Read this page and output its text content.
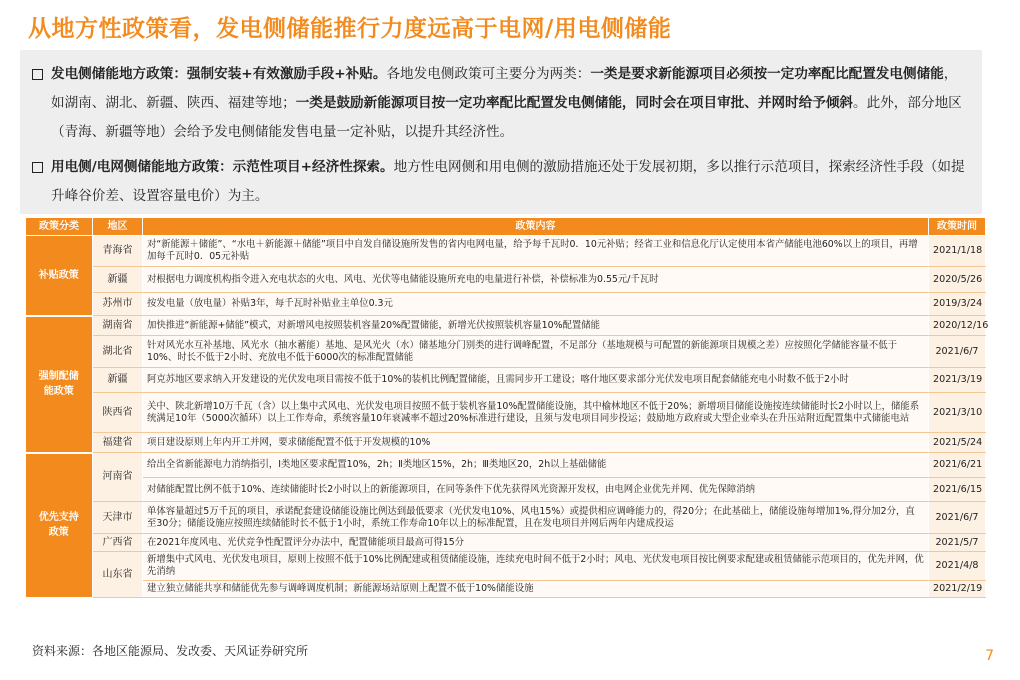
从地方性政策看，发电侧储能推行力度远高于电网/用电侧储能
发电侧储能地方政策：强制安装+有效激励手段+补贴。各地发电侧政策可主要分为两类：一类是要求新能源项目必须按一定功率配比配置发电侧储能，如湖南、湖北、新疆、陕西、福建等地；一类是鼓励新能源项目按一定功率配比配置发电侧储能，同时会在项目审批、并网时给予倾斜。此外，部分地区（青海、新疆等地）会给予发电侧储能发售电量一定补贴，以提升其经济性。
用电侧/电网侧储能地方政策：示范性项目+经济性探索。地方性电网侧和用电侧的激励措施还处于发展初期，多以推行示范项目，探索经济性手段（如提升峰谷价差、设置容量电价）为主。
政策分类	地区	政策内容	政策时间
补贴政策	青海省	对“新能源＋储能”、“水电＋新能源＋储能”项目中自发自储设施所发售的省内电网电量，给予每千瓦时0．10元补贴；经省工业和信息化厅认定使用本省产储能电池60%以上的项目，再增加每千瓦时0．05元补贴	2021/1/18
	新疆	对根据电力调度机构指令进入充电状态的火电、风电、光伏等电储能设施所充电的电量进行补偿，补偿标准为0.55元/千瓦时	2020/5/26
	苏州市	按发电量（放电量）补贴3年，每千瓦时补贴业主单位0.3元	2019/3/24
强制配储能政策	湖南省	加快推进“新能源+储能”模式，对新增风电按照装机容量20%配置储能，新增光伏按照装机容量10%配置储能	2020/12/16
	湖北省	针对风光水互补基地、风光水（抽水蓄能）基地、是风光火（水）储基地分门别类的进行调峰配置，不足部分（基地规模与可配置的新能源项目规模之差）应按照化学储能容量不低于10%、时长不低于2小时、充放电不低于6000次的标准配置储能	2021/6/7
	新疆	阿克苏地区要求纳入开发建设的光伏发电项目需按不低于10%的装机比例配置储能，且需同步开工建设；喀什地区要求部分光伏发电项目配套储能充电小时数不低于2小时	2021/3/19
	陕西省	关中、陕北新增10万千瓦（含）以上集中式风电、光伏发电项目按照不低于装机容量10%配置储能设施，其中榆林地区不低于20%；新增项目储能设施按连续储能时长2小时以上，储能系统满足10年（5000次循环）以上工作寿命，系统容量10年衰减率不超过20%标准进行建设，且须与发电项目同步投运；鼓励地方政府或大型企业牵头在升压站附近配置集中式储能电站	2021/3/10
	福建省	项目建设原则上年内开工并网，要求储能配置不低于开发规模的10%	2021/5/24
优先支持政策	河南省	给出全省新能源电力消纳指引，Ⅰ类地区要求配置10%，2h；Ⅱ类地区15%，2h；Ⅲ类地区20，2h以上基础储能	2021/6/21
		对储能配置比例不低于10%、连续储能时长2小时以上的新能源项目，在同等条件下优先获得风光资源开发权，由电网企业优先并网、优先保障消纳	2021/6/15
	天津市	单体容量超过5万千瓦的项目，承诺配套建设储能设施比例达到最低要求（光伏发电10%、风电15%）或提供相应调峰能力的，得20分；在此基础上，储能设施每增加1%,得分加2分，直至30分；储能设施应按照连续储能时长不低于1小时，系统工作寿命10年以上的标准配置，且在发电项目并网后两年内建成投运	2021/6/7
	广西省	在2021年度风电、光伏竞争性配置评分办法中，配置储能项目最高可得15分	2021/5/7
	山东省	新增集中式风电、光伏发电项目，原则上按照不低于10%比例配建或租赁储能设施，连续充电时间不低于2小时；风电、光伏发电项目按比例要求配建或租赁储能示范项目的，优先并网，优先消纳	2021/4/8
		建立独立储能共享和储能优先参与调峰调度机制；新能源场站原则上配置不低于10%储能设施	2021/2/19
资料来源：各地区能源局、发改委、天风证券研究所	7
